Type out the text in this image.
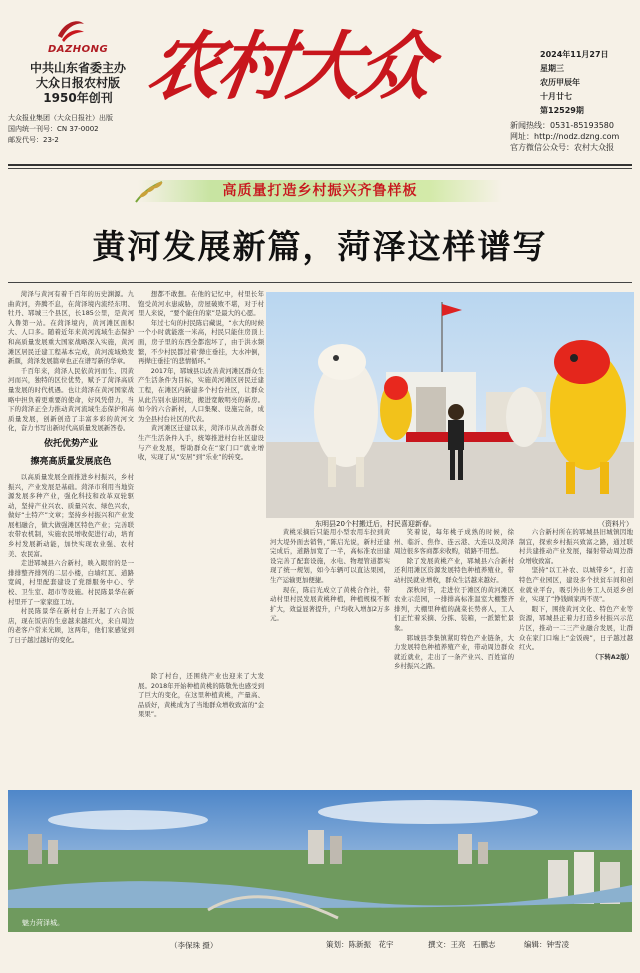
DAZHONG
中共山东省委主办
大众日报农村版
1950年创刊
大众报业集团（大众日报社）出版
国内统一刊号：CN 37-0002
邮发代号：23-2
农村大众	2024年11月27日
星期三
农历甲辰年
十月廿七
第12529期
新闻热线：0531-85193580
网址：http://nodz.dzng.com
官方微信公众号：农村大众报
高质量打造乡村振兴齐鲁样板
黄河发展新篇，菏泽这样谱写

菏泽与黄河有着千百年的历史渊源。九曲黄河，奔腾不息，在菏泽境内流经东明、牡丹、郓城三个县区，长185公里，是黄河入鲁第一站。在菏泽境内，黄河滩区面积大、人口多。随着近年来黄河流域生态保护和高质量发展重大国家战略深入实施，黄河滩区居民迁建工程基本完成，黄河流域焕发新颜，菏泽发展篇章也正在谱写新的华章。

千百年来，菏泽人民依黄河而生、因黄河而兴，独特的区位优势，赋予了菏泽高质量发展的时代机遇。也让菏泽在黄河国家战略中担负着更重要的使命，好风凭借力，当下的菏泽正全力推动黄河流域生态保护和高质量发展，创新创造了丰富多彩的黄河文化，奋力书写出新时代高质量发展新答卷。

依托优势产业
擦亮高质量发展底色

以高质量发展全面推进乡村振兴，乡村振兴，产业发展是基础。菏泽市利用当地资源发展多种产业，强化科技和改革双轮驱动，坚持产业兴农、质量兴农、绿色兴农，做好“土特产”文章；坚持乡村振兴和产业发展相融合，做大做强滩区特色产业；完善联农带农机制，实施农民增收促进行动，培育乡村发展新动能，加快实现农业强、农村美、农民富。

走进郓城县六合新村，映入眼帘的是一排排整齐排列的二层小楼，白墙红瓦、道路宽阔，村里配套建设了党群服务中心、学校、卫生室、超市等设施。村民陈景华在新村里开了一家家庭工坊。

村民陈景华在新村台上开起了六合饭店，现在饭店的生意越来越红火，来自周边的老客户常来光顾，这两年，他们家感觉到了日子越过越好的变化。

想都不敢想。在他的记忆中，村里长年饱受黄河水患威胁，房屋破败不堪，对于村里人来说，“要个能住的家”是最大的心愿。

年过七旬的村民陈启藏说，“水大的时候一个小时就能涨一米高，村民只能住房顶上面，房子里的东西全都泡坏了，由于洪水频繁，不少村民都过着‘撵庄垂挂，大水冲倒，再撵庄垂挂’的悲情循环。”

2017年，郓城县以改善黄河滩区群众生产生活条件为目标，实施黄河滩区居民迁建工程，在滩区内新建多个村台社区，让群众从此告别水患困扰，搬进宽敞明亮的新房。如今的六合新村，人口集聚、设施完备，成为全县村台社区的代表。

黄河滩区迁建以来，菏泽市从改善群众生产生活条件入手，统筹推进村台社区建设与产业发展，帮助群众在“家门口”就业增收，实现了从“安居”到“乐业”的转变。

除了村台，还围绕产业也迎来了大发展。2018年开始种植黄桃的陈敬先也感受到了巨大的变化，在这里种植黄桃，产量高、品质好，黄桃成为了当地群众增收致富的“金果果”。

东明县20个村搬迁后，村民喜迎新春。	（资料片）

黄桃采摘后只能用小型农用车拉到黄河大堤外面去销售，”陈启光说，新村迁建完成后，道路加宽了一半，高标准农田建设完善了配套设施，水电、物理管道都实现了统一规划，如今车辆可以直达果园，生产运输更加便捷。

现在，陈启光成立了黄桃合作社，带动村里村民发展黄桃种植，种植规模不断扩大，效益显著提升，户均收入增加2万多元。

笑着说，每年桃子成熟的时候，徐州、临沂、焦作、连云港、大连以及菏泽周边很多客商都来收购，销路不用愁。

除了发展黄桃产业，郓城县六合新村还利用滩区资源发展特色种植养殖业，带动村民就业增收，群众生活越来越好。

深秋时节，走进位于滩区的黄河滩区农业示范园，一排排高标准温室大棚整齐排列，大棚里种植的蔬菜长势喜人，工人们正忙着采摘、分拣、装箱，一派繁忙景象。

郓城县李集镇紧盯特色产业链条，大力发展特色种植养殖产业，带动周边群众就近就业，走出了一条产业兴、百姓富的乡村振兴之路。

六合新村所在的郓城县旧城镇因地制宜，探索乡村振兴致富之路，通过联村共建推动产业发展，辐射带动周边群众增收致富。

坚持“以工补农、以城带乡”，打造特色产业园区，建设多个扶贫车间和创业就业平台，吸引外出务工人员返乡创业，实现了“挣钱顾家两不误”。

眼下，围绕黄河文化、特色产业等资源，郓城县正着力打造乡村振兴示范片区，推动一二三产业融合发展，让群众在家门口端上“金饭碗”，日子越过越红火。

（下转A2版）
魅力菏泽城。
（李保珠 摄）	策划：陈新振　花宇	撰文：王亮　石鹏志	编辑：钟雪凌
